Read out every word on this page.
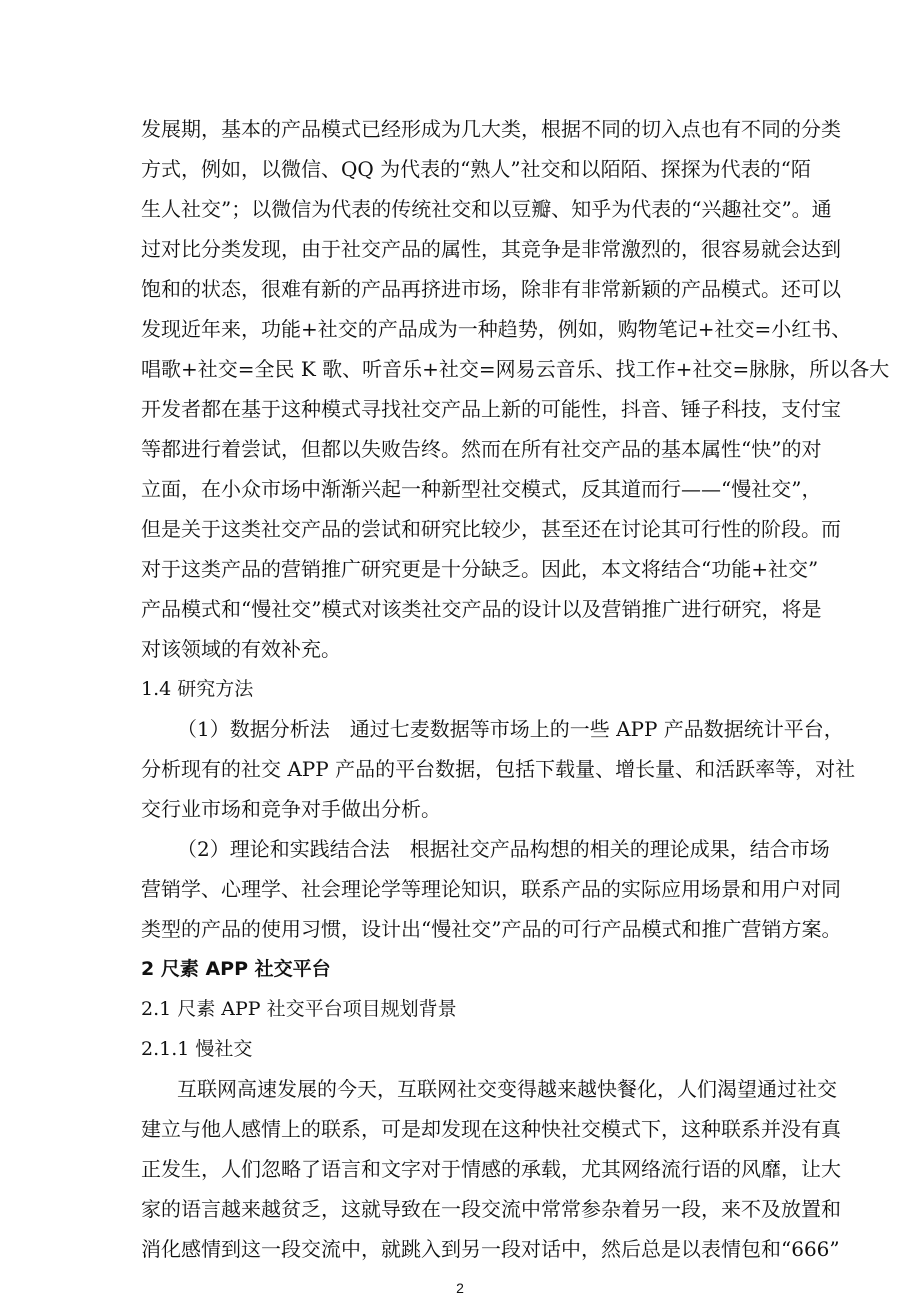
发展期，基本的产品模式已经形成为几大类，根据不同的切入点也有不同的分类
方式，例如，以微信、QQ 为代表的“熟人”社交和以陌陌、探探为代表的“陌
生人社交”；以微信为代表的传统社交和以豆瓣、知乎为代表的“兴趣社交”。通
过对比分类发现，由于社交产品的属性，其竞争是非常激烈的，很容易就会达到
饱和的状态，很难有新的产品再挤进市场，除非有非常新颖的产品模式。还可以
发现近年来，功能+社交的产品成为一种趋势，例如，购物笔记+社交=小红书、
唱歌+社交=全民 K 歌、听音乐+社交=网易云音乐、找工作+社交=脉脉，所以各大
开发者都在基于这种模式寻找社交产品上新的可能性，抖音、锤子科技，支付宝
等都进行着尝试，但都以失败告终。然而在所有社交产品的基本属性“快”的对
立面，在小众市场中渐渐兴起一种新型社交模式，反其道而行——“慢社交”，
但是关于这类社交产品的尝试和研究比较少，甚至还在讨论其可行性的阶段。而
对于这类产品的营销推广研究更是十分缺乏。因此，本文将结合“功能+社交”
产品模式和“慢社交”模式对该类社交产品的设计以及营销推广进行研究，将是
对该领域的有效补充。
1.4 研究方法
（1）数据分析法　通过七麦数据等市场上的一些 APP 产品数据统计平台，
分析现有的社交 APP 产品的平台数据，包括下载量、增长量、和活跃率等，对社
交行业市场和竞争对手做出分析。
（2）理论和实践结合法　根据社交产品构想的相关的理论成果，结合市场
营销学、心理学、社会理论学等理论知识，联系产品的实际应用场景和用户对同
类型的产品的使用习惯，设计出“慢社交”产品的可行产品模式和推广营销方案。
2 尺素 APP 社交平台
2.1 尺素 APP 社交平台项目规划背景
2.1.1 慢社交
互联网高速发展的今天，互联网社交变得越来越快餐化，人们渴望通过社交
建立与他人感情上的联系，可是却发现在这种快社交模式下，这种联系并没有真
正发生，人们忽略了语言和文字对于情感的承载，尤其网络流行语的风靡，让大
家的语言越来越贫乏，这就导致在一段交流中常常参杂着另一段，来不及放置和
消化感情到这一段交流中，就跳入到另一段对话中，然后总是以表情包和“666”
2
